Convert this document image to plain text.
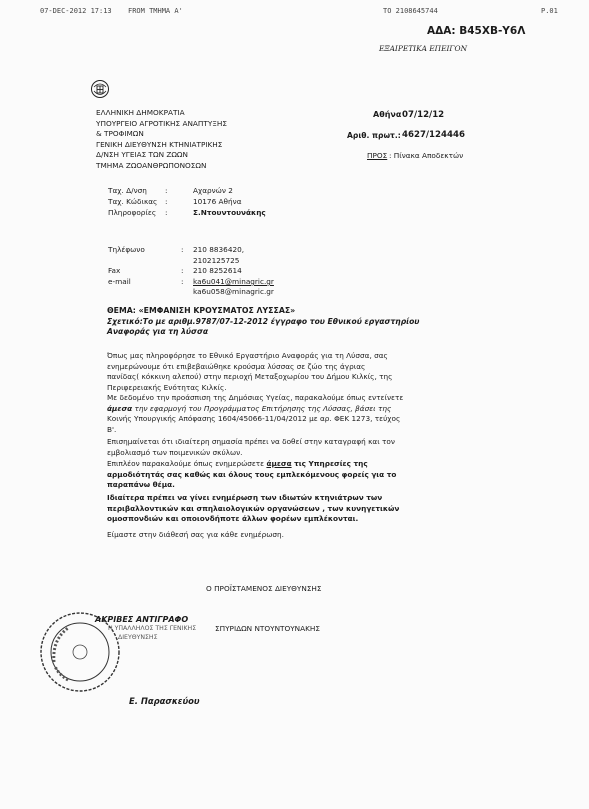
07-DEC-2012 17:13 FROM ΤΜΗΜΑ Α'	TO 2108645744	P.01
ΑΔΑ: Β45ΧΒ-Υ6Λ
ΕΞΑΙΡΕΤΙΚΑ ΕΠΕΙΓΟΝ
ΕΛΛΗΝΙΚΗ ΔΗΜΟΚΡΑΤΙΑ
ΥΠΟΥΡΓΕΙΟ ΑΓΡΟΤΙΚΗΣ ΑΝΑΠΤΥΞΗΣ
& ΤΡΟΦΙΜΩΝ
ΓΕΝΙΚΗ ΔΙΕΥΘΥΝΣΗ ΚΤΗΝΙΑΤΡΙΚΗΣ
Δ/ΝΣΗ ΥΓΕΙΑΣ ΤΩΝ ΖΩΩΝ
ΤΜΗΜΑ ΖΩΟΑΝΘΡΩΠΟΝΟΣΩΝ
Αθήνα 07/12/12
Αριθ. πρωτ.: 4627/124446
ΠΡΟΣ : Πίνακα Αποδεκτών
Ταχ. Δ/νση :	Αχαρνών 2
Ταχ. Κώδικας :	10176 Αθήνα
Πληροφορίες :	Σ.Ντουντουνάκης
Τηλέφωνο	: 210 8836420,
2102125725
Fax	: 210 8252614
e-mail	: ka6u041@minagric.gr
ka6u058@minagric.gr
ΘΕΜΑ: «ΕΜΦΑΝΙΣΗ ΚΡΟΥΣΜΑΤΟΣ ΛΥΣΣΑΣ»
Σχετικό:Το με αριθμ.9787/07-12-2012 έγγραφο του Εθνικού εργαστηρίου
Αναφοράς για τη λύσσα
Όπως μας πληροφόρησε το Εθνικό Εργαστήριο Αναφοράς για τη Λύσσα, σας
ενημερώνουμε ότι επιβεβαιώθηκε κρούσμα λύσσας σε ζώο της άγριας
πανίδας( κόκκινη αλεπού) στην περιοχή Μεταξοχωρίου του Δήμου Κιλκίς, της
Περιφερειακής Ενότητας Κιλκίς.
Με δεδομένο την προάσπιση της Δημόσιας Υγείας, παρακαλούμε όπως εντείνετε
άμεσα την εφαρμογή του Προγράμματος Επιτήρησης της Λύσσας, βάσει της
Κοινής Υπουργικής Απόφασης 1604/45066-11/04/2012 με αρ. ΦΕΚ 1273, τεύχος
Β'.
Επισημαίνεται ότι ιδιαίτερη σημασία πρέπει να δοθεί στην καταγραφή και τον
εμβολιασμό των ποιμενικών σκύλων.
Επιπλέον παρακαλούμε όπως ενημερώσετε άμεσα τις Υπηρεσίες της
αρμοδιότητάς σας καθώς και όλους τους εμπλεκόμενους φορείς για το
παραπάνω θέμα.
Ιδιαίτερα πρέπει να γίνει ενημέρωση των ιδιωτών κτηνιάτρων των
περιβαλλοντικών και σπηλαιολογικών οργανώσεων , των κυνηγετικών
ομοσπονδιών και οποιονδήποτε άλλων φορέων εμπλέκονται.
Είμαστε στην διάθεσή σας για κάθε ενημέρωση.
Ο ΠΡΟΪΣΤΑΜΕΝΟΣ ΔΙΕΥΘΥΝΣΗΣ
ΑΚΡΙΒΕΣ ΑΝΤΙΓΡΑΦΟ
Η ΥΠΑΛΛΗΛΟΣ ΤΗΣ ΓΕΝΙΚΗΣ	ΣΠΥΡΙΔΩΝ ΝΤΟΥΝΤΟΥΝΑΚΗΣ
ΔΙΕΥΘΥΝΣΗΣ
Ε. Παρασκεύου
